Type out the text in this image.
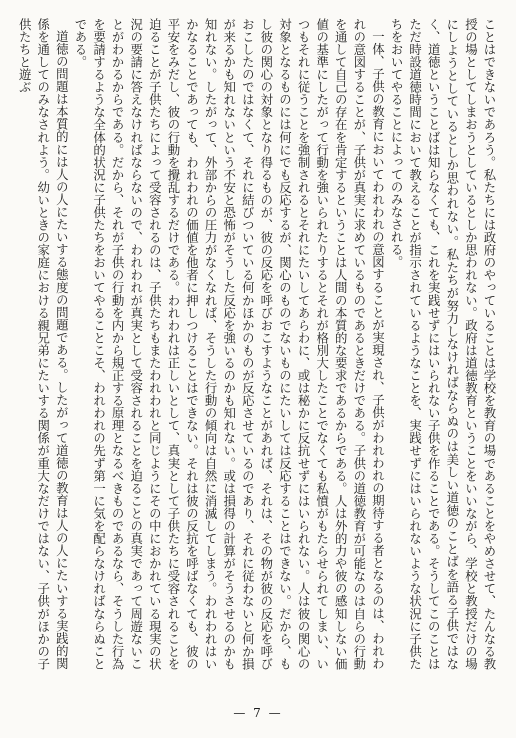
ことはできないであろう。私たちには政府のやっていることは学校を教育の場であることをやめさせて、たんなる教授の場としてしまおうとしているとしか思われない。政府は道徳教育ということをいいながら、学校と教授だけの場にしようとしているとしか思われない。私たちが努力しなければならぬのは美しい道徳のことばを語る子供ではなく、道徳ということばは知らなくても、これを実践せずにはいられない子供を作ることである。そうしてこのことはただ時設道徳時間において教えることが指示されているようなことを、実践せずにはいられないような状況に子供たちをおいてやることによってのみなされる。

一体、子供の教育においてわれわれの意図することが実現され、子供がわれわれの期待する者となるのは、われわれの意図することが、子供が真実に求めているものであるときだけである。子供の道徳教育が可能なのは自らの行動を通して自己の存在を肯定するということは人間の本質的な要求であるからである。人は外的力や彼の感知しない価値の基準にしたがって行動を強いられたりするとそれが格別大したことでなくても私憤がもたらせられてしまい、いつもそれに従うことを強制されるとそれにたいしてあらわに、或は秘かに反抗せずにはいられない。人は彼の関心の対象となるものには何にでも反応するが、関心のものでないものにたいしては反応することはできない。だから、もし彼の関心の対象となり得るものが、彼の反応を呼びおこすようなことがあれば、それは、その物が彼の反応を呼びおこしたのではなくて、それに結びついている何かほかのものが反応させているのであり、それに従わないと何か損が来るかも知れないという不安と恐怖がそうした反応を強いるのかも知れない。或は損得の計算がそうさせるのかも知れない。したがって、外部からの圧力がなくなれば、そうした行動の傾向は自然に消滅してしまう。われわれはいかなることであっても、われわれの価値を他者に押しつけることはできない。それは彼の反抗を呼ばなくても、彼の平安をみだし、彼の行動を攪乱するだけである。われわれは正しいとして、真実として子供たちに受容されることを迫ることが子供たちによって受容されるのは、子供たちもまたわれわれと同じようにその中におかれている現実の状況の要請に答えなければならないので、われわれが真実として受容されることを迫ることの真実であって周遊ないことがわかるからである。だから、それが子供の行動を内から規正する原理となるべきものであるなら、そうした行為を要請するような全体的状況に子供たちをおいてやることこそ、われわれの先ず第一に気を配らなければならぬことである。

道徳の問題は本質的には人の人にたいする態度の問題である。したがって道徳の教育は人の人にたいする実践的関係を通してのみなされよう。幼いときの家庭における親兄弟にたいする関係が重大なだけではない、子供がほかの子供たちと遊ぶ

— 7 —
